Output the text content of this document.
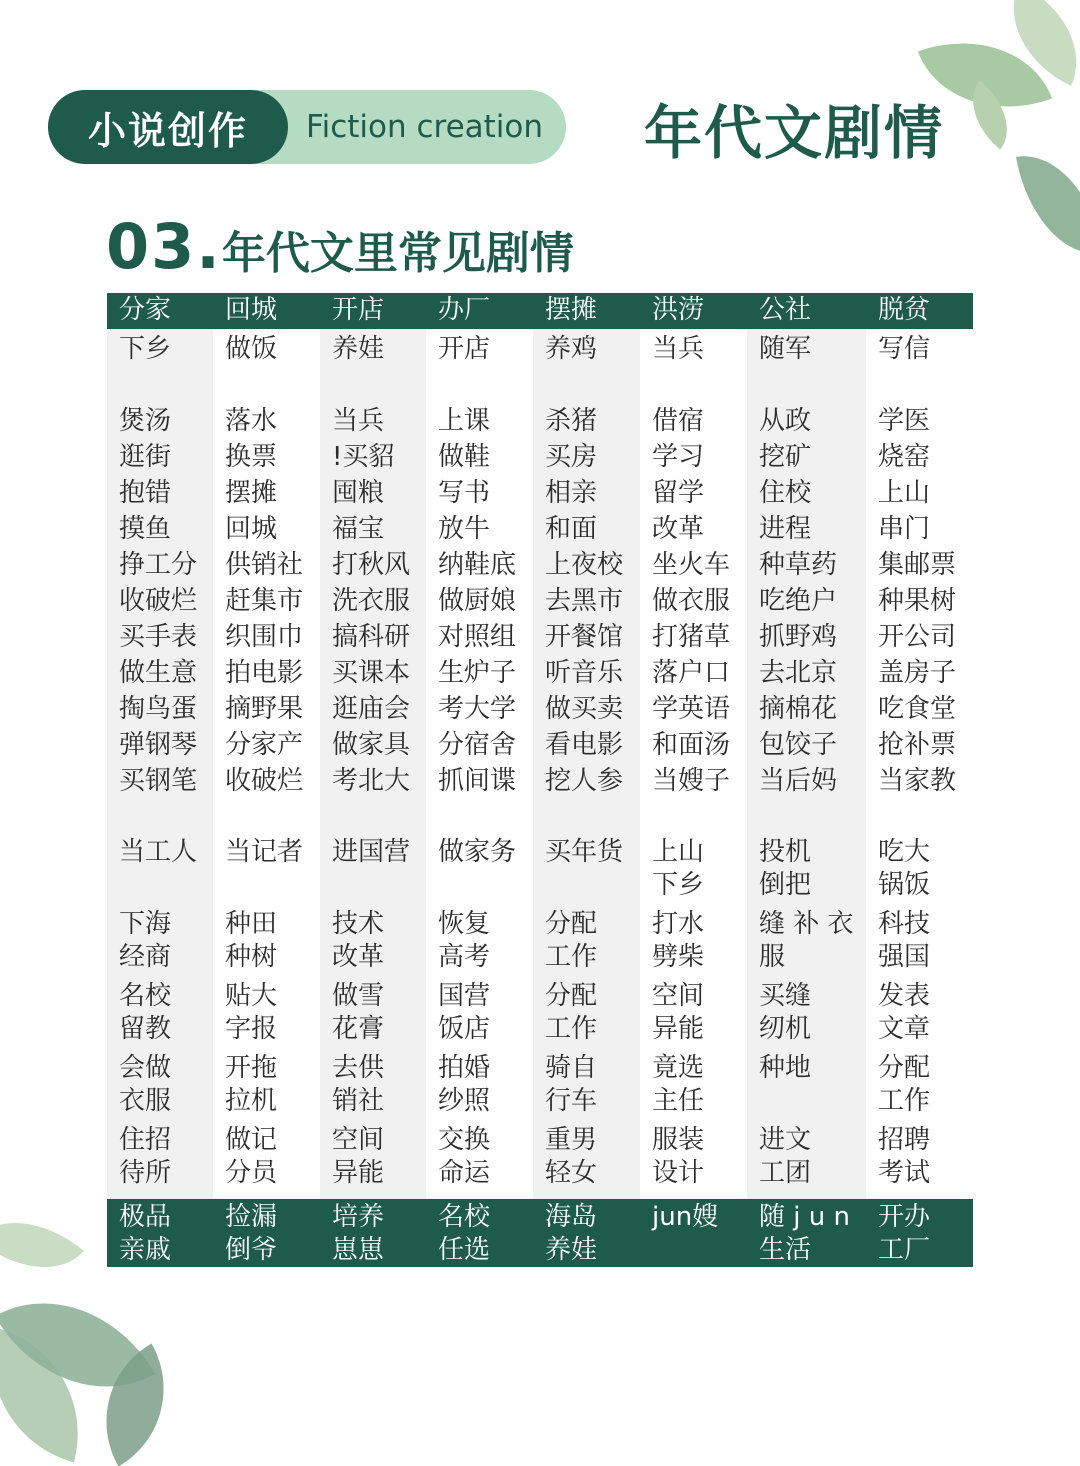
小说创作	Fiction creation 年代文剧情
03. 年代文里常见剧情
分家
下乡
煲汤
逛街
抱错
摸鱼
挣工分
收破烂
买手表
做生意
掏鸟蛋
弹钢琴
买钢笔
当工人
下海
经商
名校
留教
会做
衣服
住招
待所
极品
亲戚
回城
做饭
落水
换票
摆摊
回城
供销社
赶集市
织围巾
拍电影
摘野果
分家产
收破烂
当记者
种田
种树
贴大
字报
开拖
拉机
做记
分员
捡漏
倒爷
开店
养娃
当兵
!买貂
囤粮
福宝
打秋风
洗衣服
搞科研
买课本
逛庙会
做家具
考北大
进国营
技术
改革
做雪
花膏
去供
销社
空间
异能
培养
崽崽
办厂
开店
上课
做鞋
写书
放牛
纳鞋底
做厨娘
对照组
生炉子
考大学
分宿舍
抓间谍
做家务
恢复
高考
国营
饭店
拍婚
纱照
交换
命运
名校
任选
摆摊
养鸡
杀猪
买房
相亲
和面
上夜校
去黑市
开餐馆
听音乐
做买卖
看电影
挖人参
买年货
分配
工作
分配
工作
骑自
行车
重男
轻女
海岛
养娃
洪涝
当兵
借宿
学习
留学
改革
坐火车
做衣服
打猪草
落户口
学英语
和面汤
当嫂子
上山
下乡
打水
劈柴
空间
异能
竟选
主任
服装
设计
jun嫂
公社
随军
从政
挖矿
住校
进程
种草药
吃绝户
抓野鸡
去北京
摘棉花
包饺子
当后妈
投机
倒把
缝 补 衣
服
买缝
纫机
种地
进文
工团
随 j u n
生活
脱贫
写信
学医
烧窑
上山
串门
集邮票
种果树
开公司
盖房子
吃食堂
抢补票
当家教
吃大
锅饭
科技
强国
发表
文章
分配
工作
招聘
考试
开办
工厂
